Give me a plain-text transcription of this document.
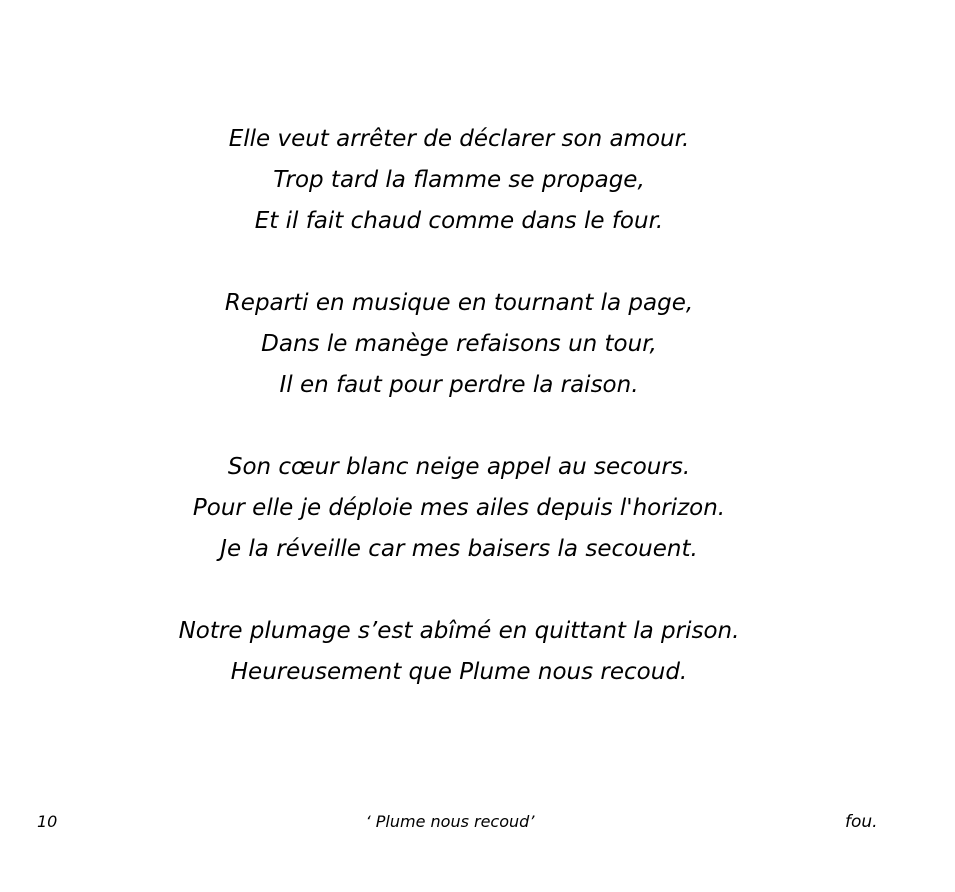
Elle veut arrêter de déclarer son amour.
Trop tard la flamme se propage,
Et il fait chaud comme dans le four.
Reparti en musique en tournant la page,
Dans le manège refaisons un tour,
Il en faut pour perdre la raison.
Son cœur blanc neige appel au secours.
Pour elle je déploie mes ailes depuis l'horizon.
Je la réveille car mes baisers la secouent.
Notre plumage s’est abîmé en quittant la prison.
Heureusement que Plume nous recoud.
10	‘ Plume nous recoud’	fou.
